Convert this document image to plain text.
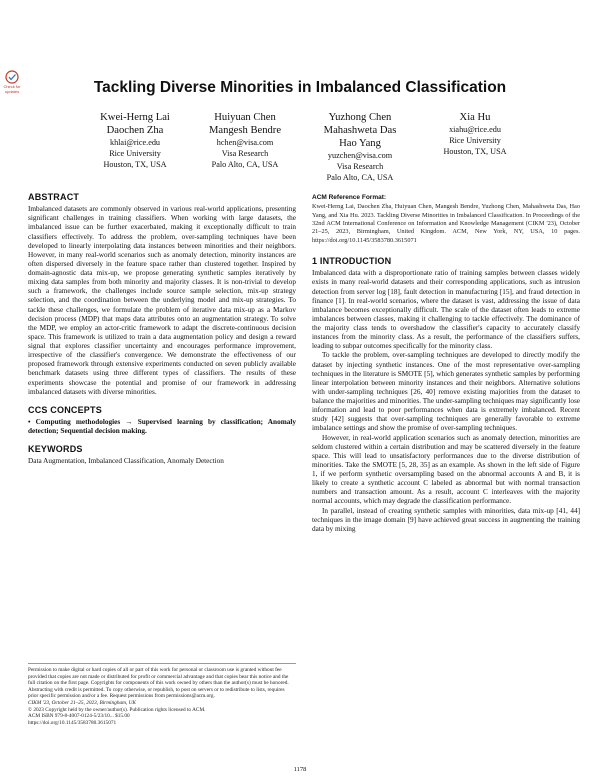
Check for updates	Tackling Diverse Minorities in Imbalanced Classification
Kwei-Herng Lai
Daochen Zha
khlai@rice.edu
Rice University
Houston, TX, USA
Huiyuan Chen
Mangesh Bendre
hchen@visa.com
Visa Research
Palo Alto, CA, USA
Yuzhong Chen
Mahashweta Das
Hao Yang
yuzchen@visa.com
Visa Research
Palo Alto, CA, USA
Xia Hu
xiahu@rice.edu
Rice University
Houston, TX, USA
ABSTRACT

Imbalanced datasets are commonly observed in various real-world applications, presenting significant challenges in training classifiers. When working with large datasets, the imbalanced issue can be further exacerbated, making it exceptionally difficult to train classifiers effectively. To address the problem, over-sampling techniques have been developed to linearly interpolating data instances between minorities and their neighbors. However, in many real-world scenarios such as anomaly detection, minority instances are often dispersed diversely in the feature space rather than clustered together. Inspired by domain-agnostic data mix-up, we propose generating synthetic samples iteratively by mixing data samples from both minority and majority classes. It is non-trivial to develop such a framework, the challenges include source sample selection, mix-up strategy selection, and the coordination between the underlying model and mix-up strategies. To tackle these challenges, we formulate the problem of iterative data mix-up as a Markov decision process (MDP) that maps data attributes onto an augmentation strategy. To solve the MDP, we employ an actor-critic framework to adapt the discrete-continuous decision space. This framework is utilized to train a data augmentation policy and design a reward signal that explores classifier uncertainty and encourages performance improvement, irrespective of the classifier's convergence. We demonstrate the effectiveness of our proposed framework through extensive experiments conducted on seven publicly available benchmark datasets using three different types of classifiers. The results of these experiments showcase the potential and promise of our framework in addressing imbalanced datasets with diverse minorities.

CCS CONCEPTS

• Computing methodologies → Supervised learning by classification; Anomaly detection; Sequential decision making.

KEYWORDS

Data Augmentation, Imbalanced Classification, Anomaly Detection

Permission to make digital or hard copies of all or part of this work for personal or classroom use is granted without fee provided that copies are not made or distributed for profit or commercial advantage and that copies bear this notice and the full citation on the first page. Copyrights for components of this work owned by others than the author(s) must be honored. Abstracting with credit is permitted. To copy otherwise, or republish, to post on servers or to redistribute to lists, requires prior specific permission and/or a fee. Request permissions from permissions@acm.org.

CIKM '23, October 21–25, 2023, Birmingham, UK

© 2023 Copyright held by the owner/author(s). Publication rights licensed to ACM.

ACM ISBN 979-8-4007-0124-5/23/10... $15.00

https://doi.org/10.1145/3583780.3615071

ACM Reference Format:

Kwei-Herng Lai, Daochen Zha, Huiyuan Chen, Mangesh Bendre, Yuzhong Chen, Mahashweta Das, Hao Yang, and Xia Hu. 2023. Tackling Diverse Minorities in Imbalanced Classification. In Proceedings of the 32nd ACM International Conference on Information and Knowledge Management (CIKM '23), October 21–25, 2023, Birmingham, United Kingdom. ACM, New York, NY, USA, 10 pages. https://doi.org/10.1145/3583780.3615071

1 INTRODUCTION

Imbalanced data with a disproportionate ratio of training samples between classes widely exists in many real-world datasets and their corresponding applications, such as intrusion detection from server log [18], fault detection in manufacturing [15], and fraud detection in finance [1]. In real-world scenarios, where the dataset is vast, addressing the issue of data imbalance becomes exceptionally difficult. The scale of the dataset often leads to extreme imbalances between classes, making it challenging to tackle effectively. The dominance of the majority class tends to overshadow the classifier's capacity to accurately classify instances from the minority class. As a result, the performance of the classifiers suffers, leading to subpar outcomes specifically for the minority class.

To tackle the problem, over-sampling techniques are developed to directly modify the dataset by injecting synthetic instances. One of the most representative over-sampling techniques in the literature is SMOTE [5], which generates synthetic samples by performing linear interpolation between minority instances and their neighbors. Alternative solutions with under-sampling techniques [26, 40] remove existing majorities from the dataset to balance the majorities and minorities. The under-sampling techniques may significantly lose information and lead to poor performances when data is extremely imbalanced. Recent study [42] suggests that over-sampling techniques are generally favorable to extreme imbalance settings and show the promise of over-sampling techniques.

However, in real-world application scenarios such as anomaly detection, minorities are seldom clustered within a certain distribution and may be scattered diversely in the feature space. This will lead to unsatisfactory performances due to the diverse distribution of minorities. Take the SMOTE [5, 28, 35] as an example. As shown in the left side of Figure 1, if we perform synthetic oversampling based on the abnormal accounts A and B, it is likely to create a synthetic account C labeled as abnormal but with normal transaction numbers and transaction amount. As a result, account C interleaves with the majority normal accounts, which may degrade the classification performance.

In parallel, instead of creating synthetic samples with minorities, data mix-up [41, 44] techniques in the image domain [9] have achieved great success in augmenting the training data by mixing

1178
